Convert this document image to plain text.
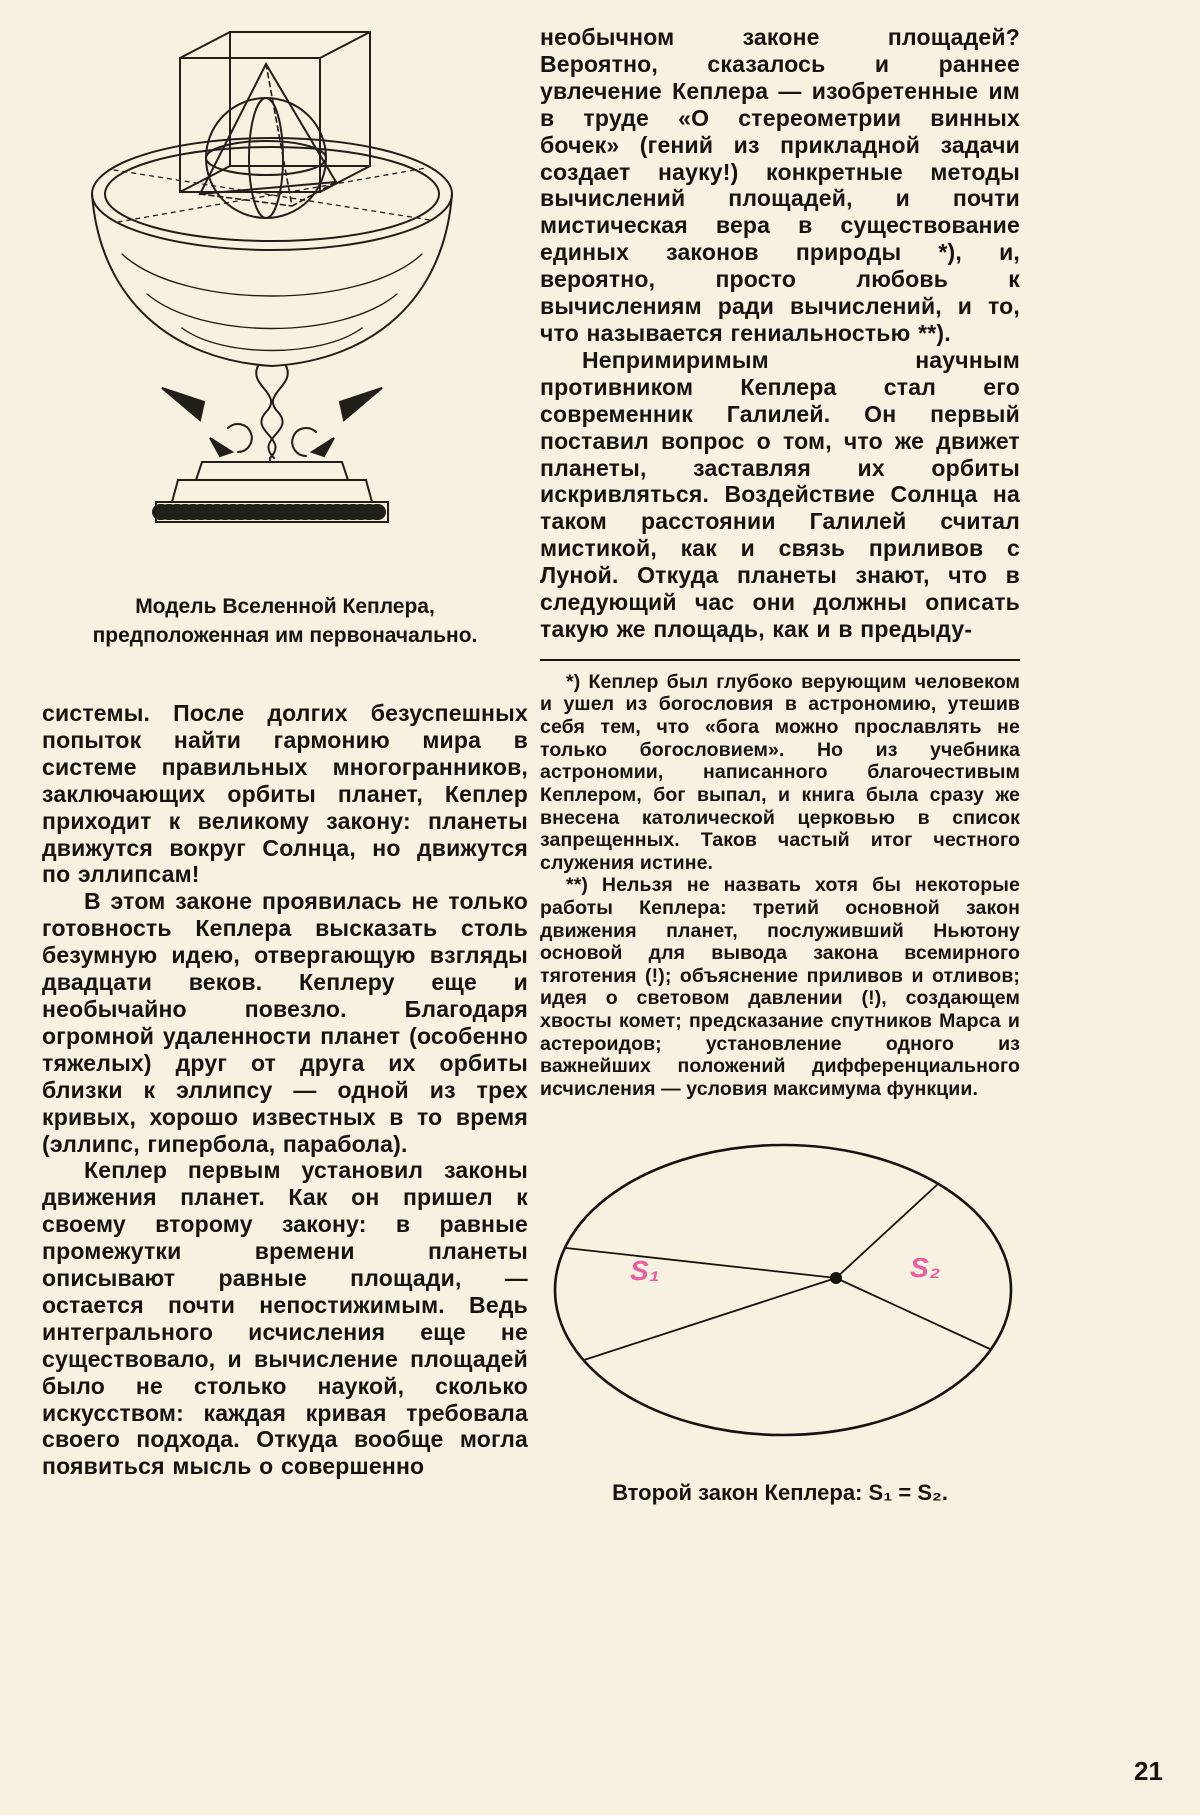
Модель Вселенной Кеплера,
предположенная им первоначально.

системы. После долгих безуспешных попыток найти гармонию мира в системе правильных многогранников, заключающих орбиты планет, Кеплер приходит к великому закону: планеты движутся вокруг Солнца, но движутся по эллипсам!

В этом законе проявилась не только готовность Кеплера высказать столь безумную идею, отвергающую взгляды двадцати веков. Кеплеру еще и необычайно повезло. Благодаря огромной удаленности планет (особенно тяжелых) друг от друга их орбиты близки к эллипсу — одной из трех кривых, хорошо известных в то время (эллипс, гипербола, парабола).

Кеплер первым установил законы движения планет. Как он пришел к своему второму закону: в равные промежутки времени планеты описывают равные площади, — остается почти непостижимым. Ведь интегрального исчисления еще не существовало, и вычисление площадей было не столько наукой, сколько искусством: каждая кривая требовала своего подхода. Откуда вообще могла появиться мысль о совершенно

необычном законе площадей? Вероятно, сказалось и раннее увлечение Кеплера — изобретенные им в труде «О стереометрии винных бочек» (гений из прикладной задачи создает науку!) конкретные методы вычислений площадей, и почти мистическая вера в существование единых законов природы *), и, вероятно, просто любовь к вычислениям ради вычислений, и то, что называется гениальностью **).

Непримиримым научным противником Кеплера стал его современник Галилей. Он первый поставил вопрос о том, что же движет планеты, заставляя их орбиты искривляться. Воздействие Солнца на таком расстоянии Галилей считал мистикой, как и связь приливов с Луной. Откуда планеты знают, что в следующий час они должны описать такую же площадь, как и в предыду-

*) Кеплер был глубоко верующим человеком и ушел из богословия в астрономию, утешив себя тем, что «бога можно прославлять не только богословием». Но из учебника астрономии, написанного благочестивым Кеплером, бог выпал, и книга была сразу же внесена католической церковью в список запрещенных. Таков частый итог честного служения истине.

**) Нельзя не назвать хотя бы некоторые работы Кеплера: третий основной закон движения планет, послуживший Ньютону основой для вывода закона всемирного тяготения (!); объяснение приливов и отливов; идея о световом давлении (!), создающем хвосты комет; предсказание спутников Марса и астероидов; установление одного из важнейших положений дифференциального исчисления — условия максимума функции.

S₁	S₂
Второй закон Кеплера: S₁ = S₂.
21
